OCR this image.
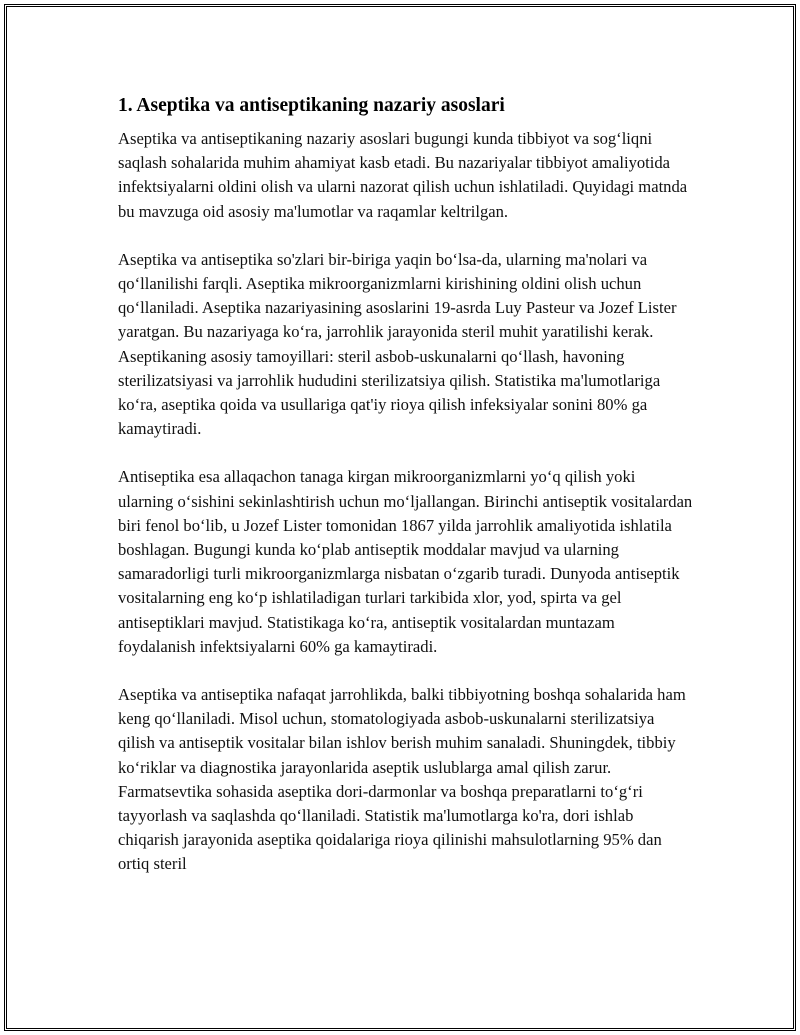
1. Aseptika va antiseptikaning nazariy asoslari

Aseptika va antiseptikaning nazariy asoslari bugungi kunda tibbiyot va sog‘liqni saqlash sohalarida muhim ahamiyat kasb etadi. Bu nazariyalar tibbiyot amaliyotida infektsiyalarni oldini olish va ularni nazorat qilish uchun ishlatiladi. Quyidagi matnda bu mavzuga oid asosiy ma'lumotlar va raqamlar keltrilgan.

Aseptika va antiseptika so'zlari bir-biriga yaqin bo‘lsa-da, ularning ma'nolari va qo‘llanilishi farqli. Aseptika mikroorganizmlarni kirishining oldini olish uchun qo‘llaniladi. Aseptika nazariyasining asoslarini 19-asrda Luy Pasteur va Jozef Lister yaratgan. Bu nazariyaga ko‘ra, jarrohlik jarayonida steril muhit yaratilishi kerak. Aseptikaning asosiy tamoyillari: steril asbob-uskunalarni qo‘llash, havoning sterilizatsiyasi va jarrohlik hududini sterilizatsiya qilish. Statistika ma'lumotlariga ko‘ra, aseptika qoida va usullariga qat'iy rioya qilish infeksiyalar sonini 80% ga kamaytiradi.

Antiseptika esa allaqachon tanaga kirgan mikroorganizmlarni yo‘q qilish yoki ularning o‘sishini sekinlashtirish uchun mo‘ljallangan. Birinchi antiseptik vositalardan biri fenol bo‘lib, u Jozef Lister tomonidan 1867 yilda jarrohlik amaliyotida ishlatila boshlagan. Bugungi kunda ko‘plab antiseptik moddalar mavjud va ularning samaradorligi turli mikroorganizmlarga nisbatan o‘zgarib turadi. Dunyoda antiseptik vositalarning eng ko‘p ishlatiladigan turlari tarkibida xlor, yod, spirta va gel antiseptiklari mavjud. Statistikaga ko‘ra, antiseptik vositalardan muntazam foydalanish infektsiyalarni 60% ga kamaytiradi.

Aseptika va antiseptika nafaqat jarrohlikda, balki tibbiyotning boshqa sohalarida ham keng qo‘llaniladi. Misol uchun, stomatologiyada asbob-uskunalarni sterilizatsiya qilish va antiseptik vositalar bilan ishlov berish muhim sanaladi. Shuningdek, tibbiy ko‘riklar va diagnostika jarayonlarida aseptik uslublarga amal qilish zarur. Farmatsevtika sohasida aseptika dori-darmonlar va boshqa preparatlarni to‘g‘ri tayyorlash va saqlashda qo‘llaniladi. Statistik ma'lumotlarga ko'ra, dori ishlab chiqarish jarayonida aseptika qoidalariga rioya qilinishi mahsulotlarning 95% dan ortiq steril
